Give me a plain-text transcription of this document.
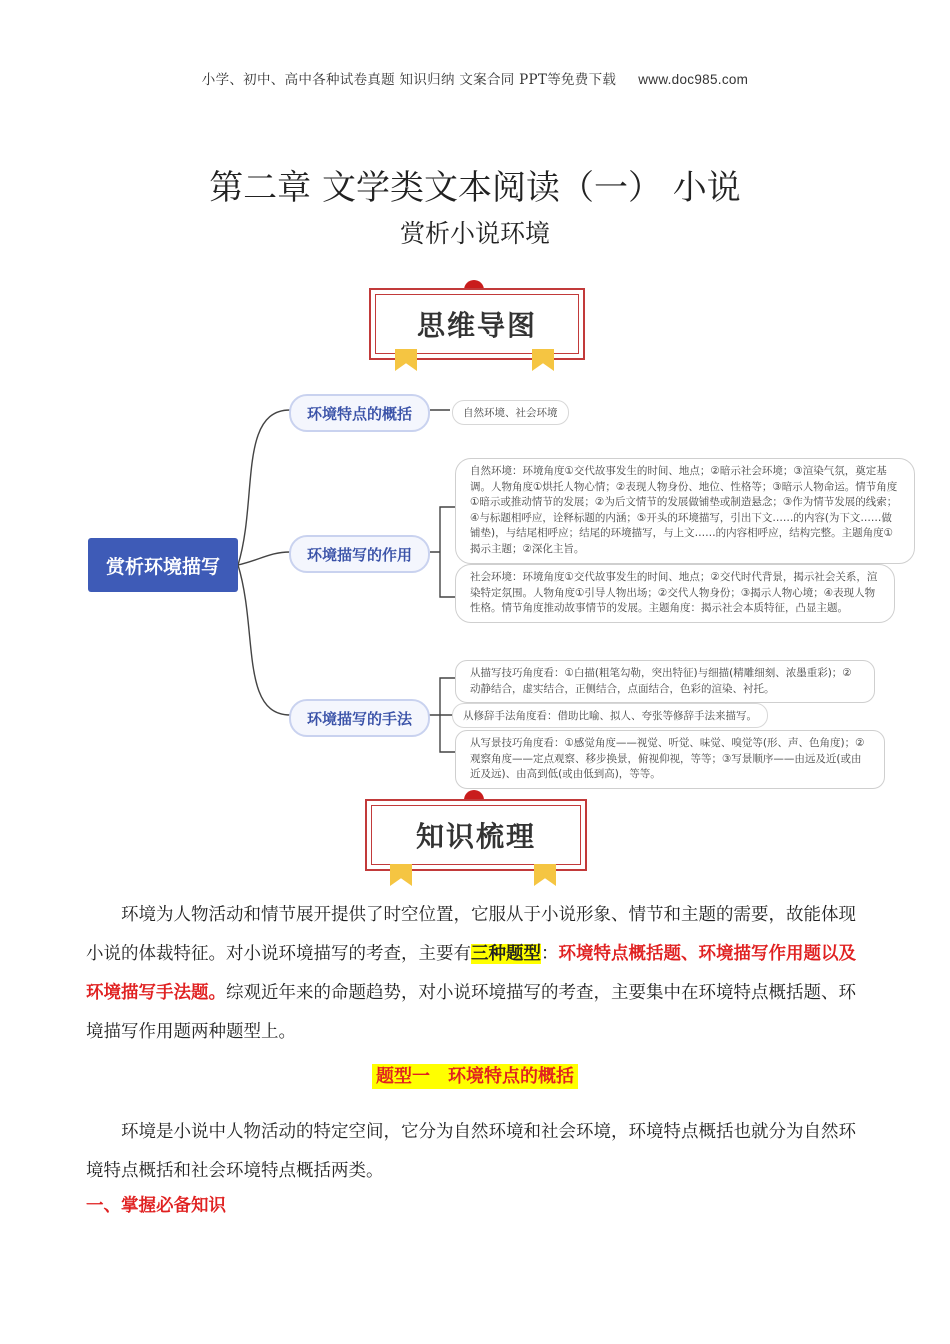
小学、初中、高中各种试卷真题 知识归纳 文案合同 PPT等免费下载 www.doc985.com
第二章 文学类文本阅读（一） 小说
赏析小说环境
思维导图
赏析环境描写
环境特点的概括
环境描写的作用
环境描写的手法
自然环境、社会环境
自然环境：环境角度①交代故事发生的时间、地点；②暗示社会环境；③渲染气氛，奠定基调。人物角度①烘托人物心情；②表现人物身份、地位、性格等；③暗示人物命运。情节角度①暗示或推动情节的发展；②为后文情节的发展做铺垫或制造悬念；③作为情节发展的线索；④与标题相呼应，诠释标题的内涵；⑤开头的环境描写，引出下文……的内容(为下文……做铺垫)，与结尾相呼应；结尾的环境描写，与上文……的内容相呼应，结构完整。主题角度①揭示主题；②深化主旨。
社会环境：环境角度①交代故事发生的时间、地点；②交代时代背景，揭示社会关系，渲染特定氛围。人物角度①引导人物出场；②交代人物身份；③揭示人物心境；④表现人物性格。情节角度推动故事情节的发展。主题角度：揭示社会本质特征，凸显主题。
从描写技巧角度看：①白描(粗笔勾勒，突出特征)与细描(精雕细刻、浓墨重彩)；②动静结合，虚实结合，正侧结合，点面结合，色彩的渲染、衬托。
从修辞手法角度看：借助比喻、拟人、夸张等修辞手法来描写。
从写景技巧角度看：①感觉角度——视觉、听觉、味觉、嗅觉等(形、声、色角度)；②观察角度——定点观察、移步换景，俯视仰视，等等；③写景顺序——由远及近(或由近及远)、由高到低(或由低到高)，等等。
知识梳理
环境为人物活动和情节展开提供了时空位置，它服从于小说形象、情节和主题的需要，故能体现小说的体裁特征。对小说环境描写的考查，主要有三种题型：环境特点概括题、环境描写作用题以及环境描写手法题。综观近年来的命题趋势，对小说环境描写的考查，主要集中在环境特点概括题、环境描写作用题两种题型上。
题型一　环境特点的概括
环境是小说中人物活动的特定空间，它分为自然环境和社会环境，环境特点概括也就分为自然环境特点概括和社会环境特点概括两类。
一、掌握必备知识
